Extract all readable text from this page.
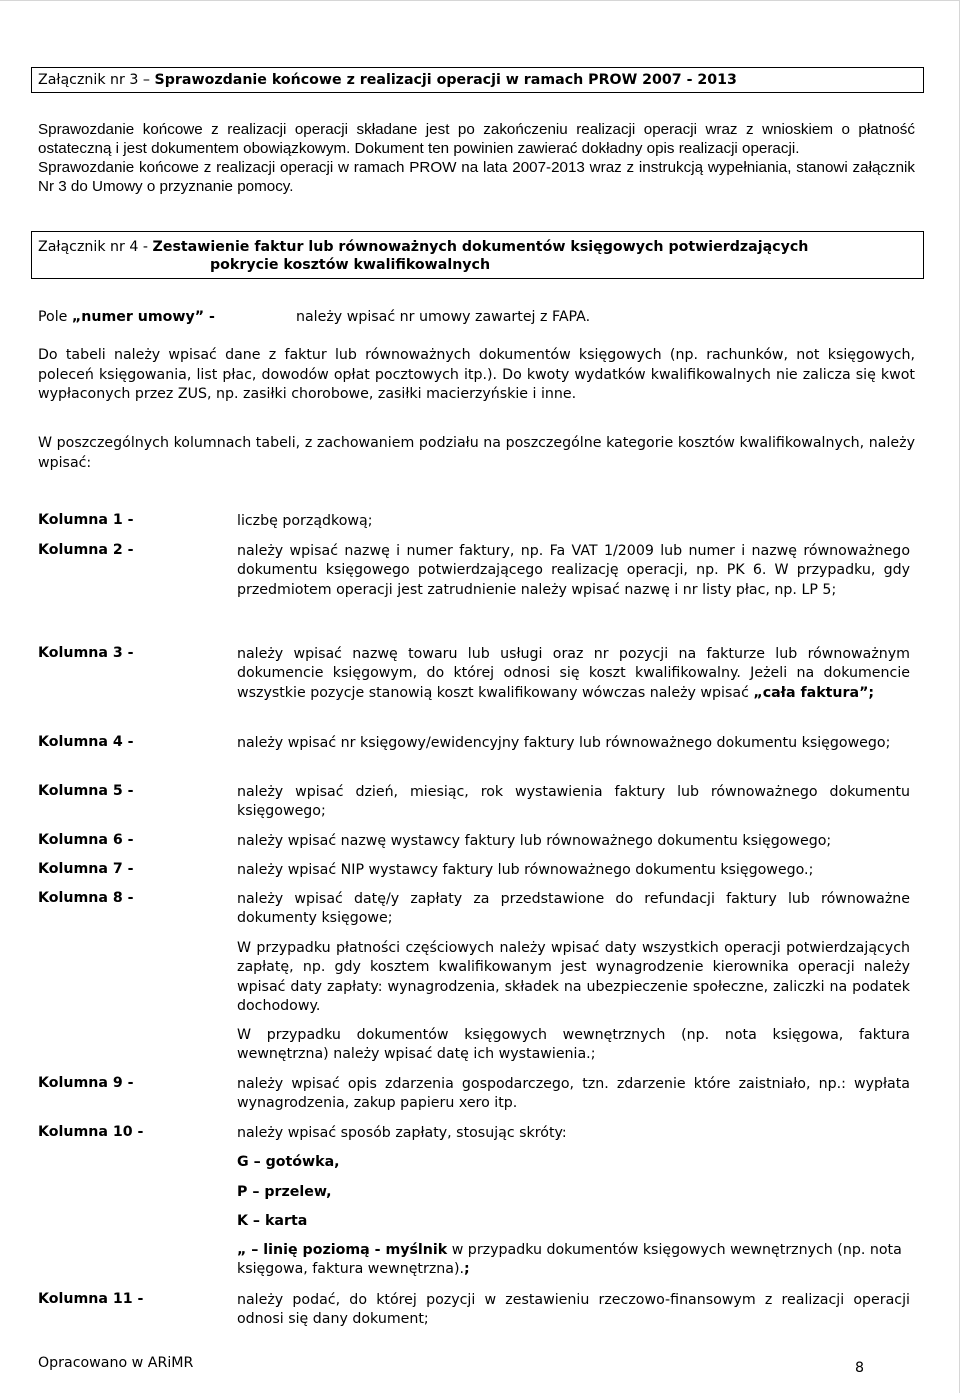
Załącznik nr 3 – Sprawozdanie końcowe z realizacji operacji w ramach PROW 2007 - 2013
Sprawozdanie końcowe z realizacji operacji składane jest po zakończeniu realizacji operacji wraz z wnioskiem o płatność ostateczną i jest dokumentem obowiązkowym. Dokument ten powinien zawierać dokładny opis realizacji operacji.
Sprawozdanie końcowe z realizacji operacji w ramach PROW na lata 2007-2013 wraz z instrukcją wypełniania, stanowi załącznik Nr 3 do Umowy o przyznanie pomocy.
Załącznik nr 4 - Zestawienie faktur lub równoważnych dokumentów księgowych potwierdzających
pokrycie kosztów kwalifikowalnych
Pole „numer umowy” -	należy wpisać nr umowy zawartej z FAPA.
Do tabeli należy wpisać dane z faktur lub równoważnych dokumentów księgowych (np. rachunków, not księgowych, poleceń księgowania, list płac, dowodów opłat pocztowych itp.). Do kwoty wydatków kwalifikowalnych nie zalicza się kwot wypłaconych przez ZUS, np. zasiłki chorobowe, zasiłki macierzyńskie i inne.
W poszczególnych kolumnach tabeli, z zachowaniem podziału na poszczególne kategorie kosztów kwalifikowalnych, należy wpisać:
Kolumna 1 -	liczbę porządkową;
Kolumna 2 -	należy wpisać nazwę i numer faktury, np. Fa VAT 1/2009 lub numer i nazwę równoważnego dokumentu księgowego potwierdzającego realizację operacji, np. PK 6. W przypadku, gdy przedmiotem operacji jest zatrudnienie należy wpisać nazwę i nr listy płac, np. LP 5;
Kolumna 3 -	należy wpisać nazwę towaru lub usługi oraz nr pozycji na fakturze lub równoważnym dokumencie księgowym, do której odnosi się koszt kwalifikowalny. Jeżeli na dokumencie wszystkie pozycje stanowią koszt kwalifikowany wówczas należy wpisać „cała faktura”;
Kolumna 4 -	należy wpisać nr księgowy/ewidencyjny faktury lub równoważnego dokumentu księgowego;
Kolumna 5 -	należy wpisać dzień, miesiąc, rok wystawienia faktury lub równoważnego dokumentu księgowego;
Kolumna 6 -	należy wpisać nazwę wystawcy faktury lub równoważnego dokumentu księgowego;
Kolumna 7 -	należy wpisać NIP wystawcy faktury lub równoważnego dokumentu księgowego.;
Kolumna 8 -	należy wpisać datę/y zapłaty za przedstawione do refundacji faktury lub równoważne dokumenty księgowe;
W przypadku płatności częściowych należy wpisać daty wszystkich operacji potwierdzających zapłatę, np. gdy kosztem kwalifikowanym jest wynagrodzenie kierownika operacji należy wpisać daty zapłaty: wynagrodzenia, składek na ubezpieczenie społeczne, zaliczki na podatek dochodowy.
W przypadku dokumentów księgowych wewnętrznych (np. nota księgowa, faktura wewnętrzna) należy wpisać datę ich wystawienia.;
Kolumna 9 -	należy wpisać opis zdarzenia gospodarczego, tzn. zdarzenie które zaistniało, np.: wypłata wynagrodzenia, zakup papieru xero itp.
Kolumna 10 -	należy wpisać sposób zapłaty, stosując skróty:
G – gotówka,
P – przelew,
K – karta
„ – linię poziomą - myślnik w przypadku dokumentów księgowych wewnętrznych (np. nota księgowa, faktura wewnętrzna).;
Kolumna 11 -	należy podać, do której pozycji w zestawieniu rzeczowo-finansowym z realizacji operacji odnosi się dany dokument;
Opracowano w ARiMR	8
